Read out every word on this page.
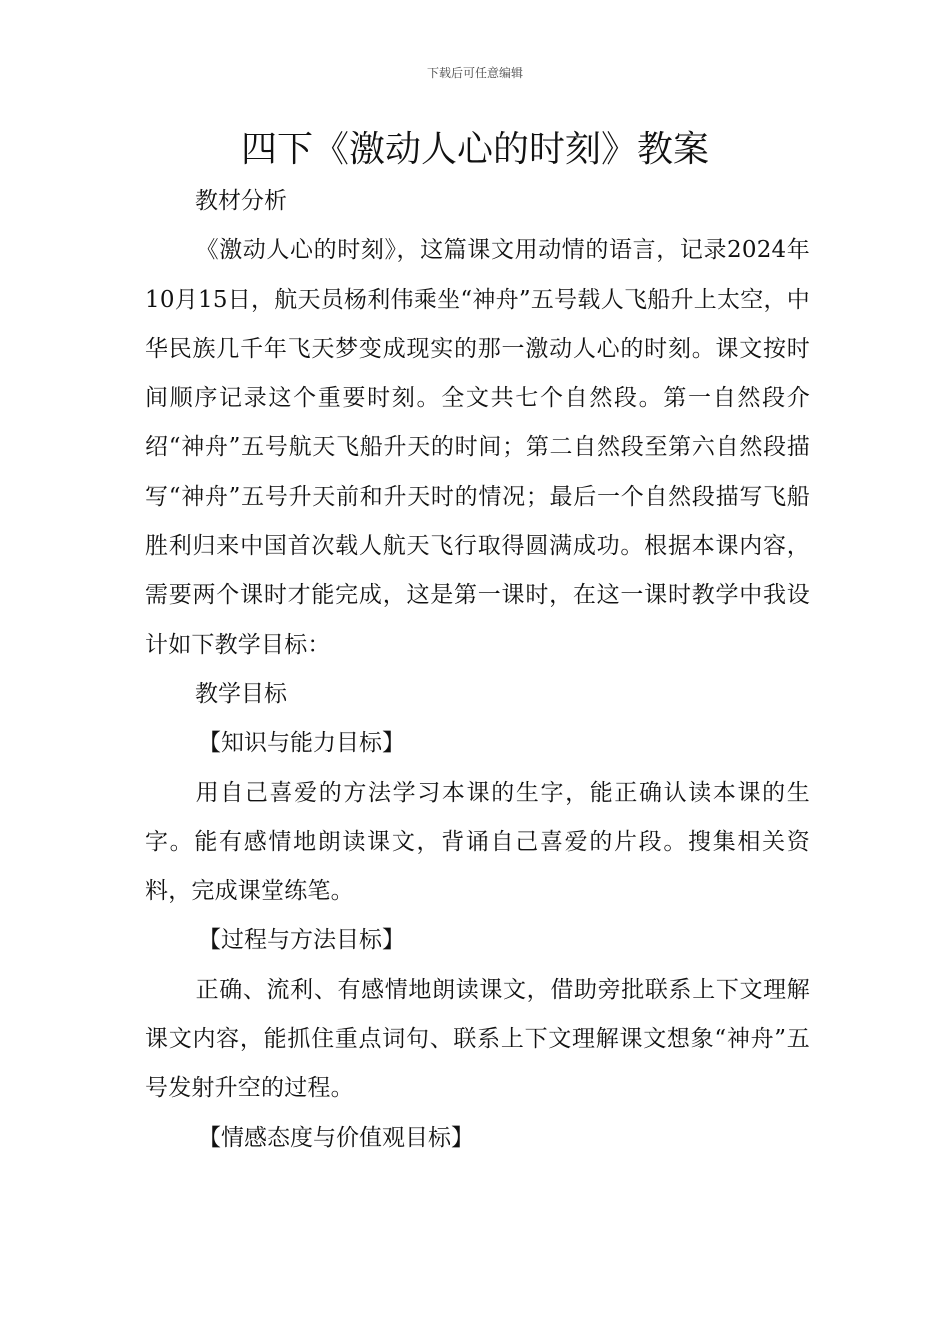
下载后可任意编辑
四下《激动人心的时刻》教案

教材分析

《激动人心的时刻》，这篇课文用动情的语言，记录2024年10月15日，航天员杨利伟乘坐“神舟”五号载人飞船升上太空，中华民族几千年飞天梦变成现实的那一激动人心的时刻。课文按时间顺序记录这个重要时刻。全文共七个自然段。第一自然段介绍“神舟”五号航天飞船升天的时间；第二自然段至第六自然段描写“神舟”五号升天前和升天时的情况；最后一个自然段描写飞船胜利归来中国首次载人航天飞行取得圆满成功。根据本课内容，需要两个课时才能完成，这是第一课时，在这一课时教学中我设计如下教学目标：

教学目标

【知识与能力目标】

用自己喜爱的方法学习本课的生字，能正确认读本课的生字。能有感情地朗读课文，背诵自己喜爱的片段。搜集相关资料，完成课堂练笔。

【过程与方法目标】

正确、流利、有感情地朗读课文，借助旁批联系上下文理解课文内容，能抓住重点词句、联系上下文理解课文想象“神舟”五号发射升空的过程。

【情感态度与价值观目标】
